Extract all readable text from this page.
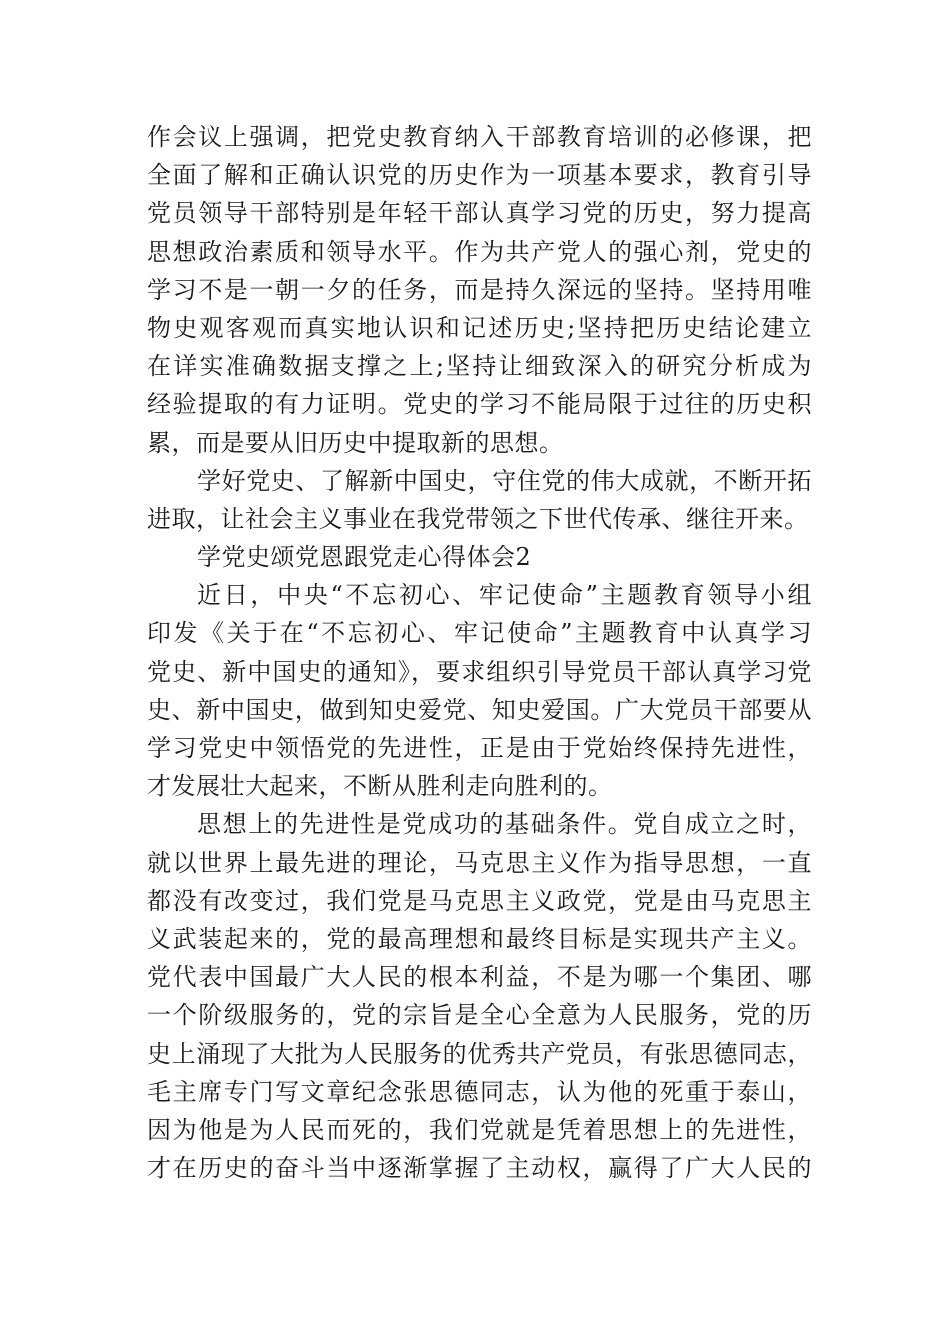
作会议上强调，把党史教育纳入干部教育培训的必修课，把
全面了解和正确认识党的历史作为一项基本要求，教育引导
党员领导干部特别是年轻干部认真学习党的历史，努力提高
思想政治素质和领导水平。作为共产党人的强心剂，党史的
学习不是一朝一夕的任务，而是持久深远的坚持。坚持用唯
物史观客观而真实地认识和记述历史;坚持把历史结论建立
在详实准确数据支撑之上;坚持让细致深入的研究分析成为
经验提取的有力证明。党史的学习不能局限于过往的历史积
累，而是要从旧历史中提取新的思想。
学好党史、了解新中国史，守住党的伟大成就，不断开拓
进取，让社会主义事业在我党带领之下世代传承、继往开来。
学党史颂党恩跟党走心得体会2
近日，中央“不忘初心、牢记使命”主题教育领导小组
印发《关于在“不忘初心、牢记使命”主题教育中认真学习
党史、新中国史的通知》，要求组织引导党员干部认真学习党
史、新中国史，做到知史爱党、知史爱国。广大党员干部要从
学习党史中领悟党的先进性，正是由于党始终保持先进性，
才发展壮大起来，不断从胜利走向胜利的。
思想上的先进性是党成功的基础条件。党自成立之时，
就以世界上最先进的理论，马克思主义作为指导思想，一直
都没有改变过，我们党是马克思主义政党，党是由马克思主
义武装起来的，党的最高理想和最终目标是实现共产主义。
党代表中国最广大人民的根本利益，不是为哪一个集团、哪
一个阶级服务的，党的宗旨是全心全意为人民服务，党的历
史上涌现了大批为人民服务的优秀共产党员，有张思德同志，
毛主席专门写文章纪念张思德同志，认为他的死重于泰山，
因为他是为人民而死的，我们党就是凭着思想上的先进性，
才在历史的奋斗当中逐渐掌握了主动权，赢得了广大人民的
